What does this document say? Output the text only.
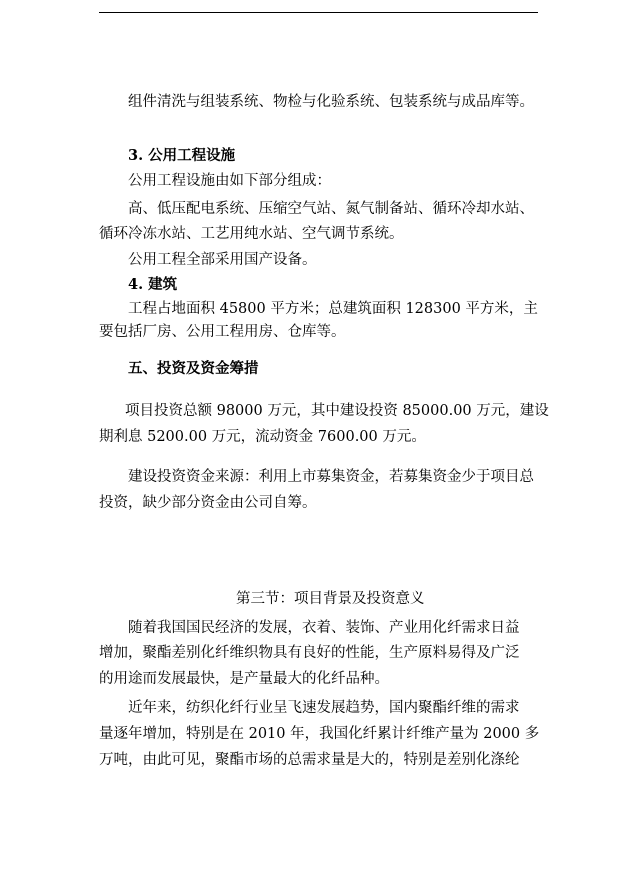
组件清洗与组装系统、物检与化验系统、包装系统与成品库等。
3. 公用工程设施
公用工程设施由如下部分组成：
高、低压配电系统、压缩空气站、氮气制备站、循环冷却水站、
循环冷冻水站、工艺用纯水站、空气调节系统。
公用工程全部采用国产设备。
4. 建筑
工程占地面积 45800 平方米；总建筑面积 128300 平方米，主
要包括厂房、公用工程用房、仓库等。
五、投资及资金筹措
项目投资总额 98000 万元，其中建设投资 85000.00 万元，建设
期利息 5200.00 万元，流动资金 7600.00 万元。
建设投资资金来源：利用上市募集资金，若募集资金少于项目总
投资，缺少部分资金由公司自筹。
第三节：项目背景及投资意义
随着我国国民经济的发展，衣着、装饰、产业用化纤需求日益
增加，聚酯差别化纤维织物具有良好的性能，生产原料易得及广泛
的用途而发展最快，是产量最大的化纤品种。
近年来，纺织化纤行业呈飞速发展趋势，国内聚酯纤维的需求
量逐年增加，特别是在 2010 年，我国化纤累计纤维产量为 2000 多
万吨，由此可见，聚酯市场的总需求量是大的，特别是差别化涤纶
